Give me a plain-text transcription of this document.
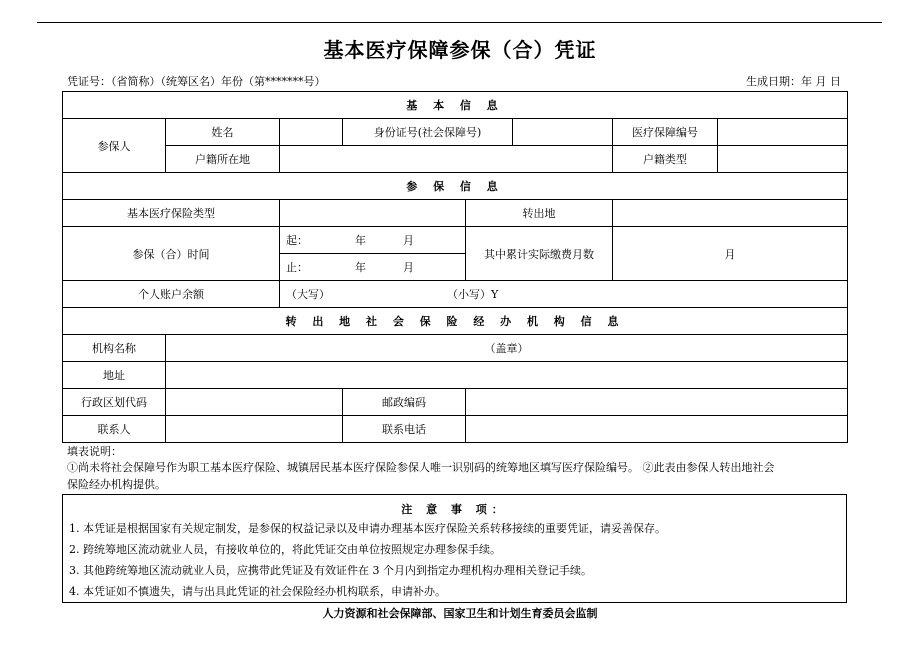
基本医疗保障参保（合）凭证
凭证号：（省简称）（统筹区名）年份（第*******号）	生成日期：年 月 日
基 本 信 息							
参保人	姓名		身份证号(社会保障号)			医疗保障编号	
	户籍所在地					户籍类型	
参 保 信 息							
基本医疗保险类型				转出地			
参保（合）时间		起： 年 月		其中累计实际缴费月数		月	
		止： 年 月					
个人账户余额		（大写） （小写）Y					
转 出 地 社 会 保 险 经 办 机 构 信 息							
机构名称	（盖章）						
地址							
行政区划代码			邮政编码				
联系人			联系电话				
填表说明：
①尚未将社会保障号作为职工基本医疗保险、城镇居民基本医疗保险参保人唯一识别码的统筹地区填写医疗保险编号。 ②此表由参保人转出地社会
保险经办机构提供。
注 意 事 项：
1. 本凭证是根据国家有关规定制发，是参保的权益记录以及申请办理基本医疗保险关系转移接续的重要凭证，请妥善保存。
2. 跨统筹地区流动就业人员，有接收单位的，将此凭证交由单位按照规定办理参保手续。
3. 其他跨统筹地区流动就业人员，应携带此凭证及有效证件在 3 个月内到指定办理机构办理相关登记手续。
4. 本凭证如不慎遗失，请与出具此凭证的社会保险经办机构联系，申请补办。
人力资源和社会保障部、国家卫生和计划生育委员会监制
